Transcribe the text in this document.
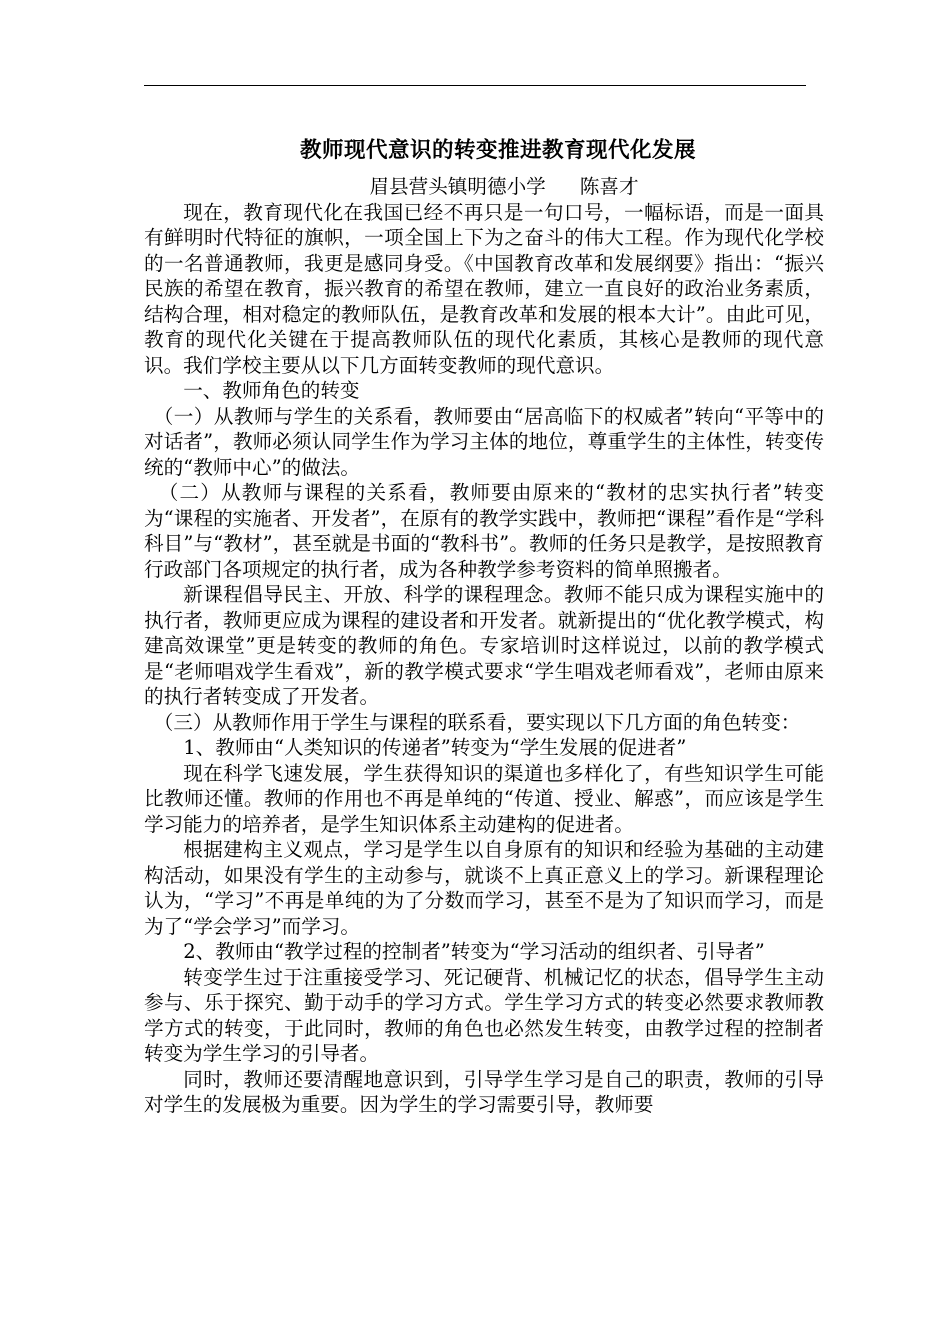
教师现代意识的转变推进教育现代化发展
眉县营头镇明德小学 陈喜才

现在，教育现代化在我国已经不再只是一句口号，一幅标语，而是一面具有鲜明时代特征的旗帜，一项全国上下为之奋斗的伟大工程。作为现代化学校的一名普通教师，我更是感同身受。《中国教育改革和发展纲要》指出：“振兴民族的希望在教育，振兴教育的希望在教师，建立一直良好的政治业务素质，结构合理，相对稳定的教师队伍，是教育改革和发展的根本大计”。由此可见，教育的现代化关键在于提高教师队伍的现代化素质，其核心是教师的现代意识。我们学校主要从以下几方面转变教师的现代意识。

一、教师角色的转变

（一）从教师与学生的关系看，教师要由“居高临下的权威者”转向“平等中的对话者”，教师必须认同学生作为学习主体的地位，尊重学生的主体性，转变传统的“教师中心”的做法。

（二）从教师与课程的关系看，教师要由原来的“教材的忠实执行者”转变为“课程的实施者、开发者”，在原有的教学实践中，教师把“课程”看作是“学科科目”与“教材”，甚至就是书面的“教科书”。教师的任务只是教学，是按照教育行政部门各项规定的执行者，成为各种教学参考资料的简单照搬者。

新课程倡导民主、开放、科学的课程理念。教师不能只成为课程实施中的执行者，教师更应成为课程的建设者和开发者。就新提出的“优化教学模式，构建高效课堂”更是转变的教师的角色。专家培训时这样说过，以前的教学模式是“老师唱戏学生看戏”，新的教学模式要求“学生唱戏老师看戏”，老师由原来的执行者转变成了开发者。

（三）从教师作用于学生与课程的联系看，要实现以下几方面的角色转变：

1、教师由“人类知识的传递者”转变为“学生发展的促进者”

现在科学飞速发展，学生获得知识的渠道也多样化了，有些知识学生可能比教师还懂。教师的作用也不再是单纯的“传道、授业、解惑”，而应该是学生学习能力的培养者，是学生知识体系主动建构的促进者。

根据建构主义观点，学习是学生以自身原有的知识和经验为基础的主动建构活动，如果没有学生的主动参与，就谈不上真正意义上的学习。新课程理论认为，“学习”不再是单纯的为了分数而学习，甚至不是为了知识而学习，而是为了“学会学习”而学习。

2、教师由“教学过程的控制者”转变为“学习活动的组织者、引导者”

转变学生过于注重接受学习、死记硬背、机械记忆的状态，倡导学生主动参与、乐于探究、勤于动手的学习方式。学生学习方式的转变必然要求教师教学方式的转变，于此同时，教师的角色也必然发生转变，由教学过程的控制者转变为学生学习的引导者。

同时，教师还要清醒地意识到，引导学生学习是自己的职责，教师的引导对学生的发展极为重要。因为学生的学习需要引导，教师要
